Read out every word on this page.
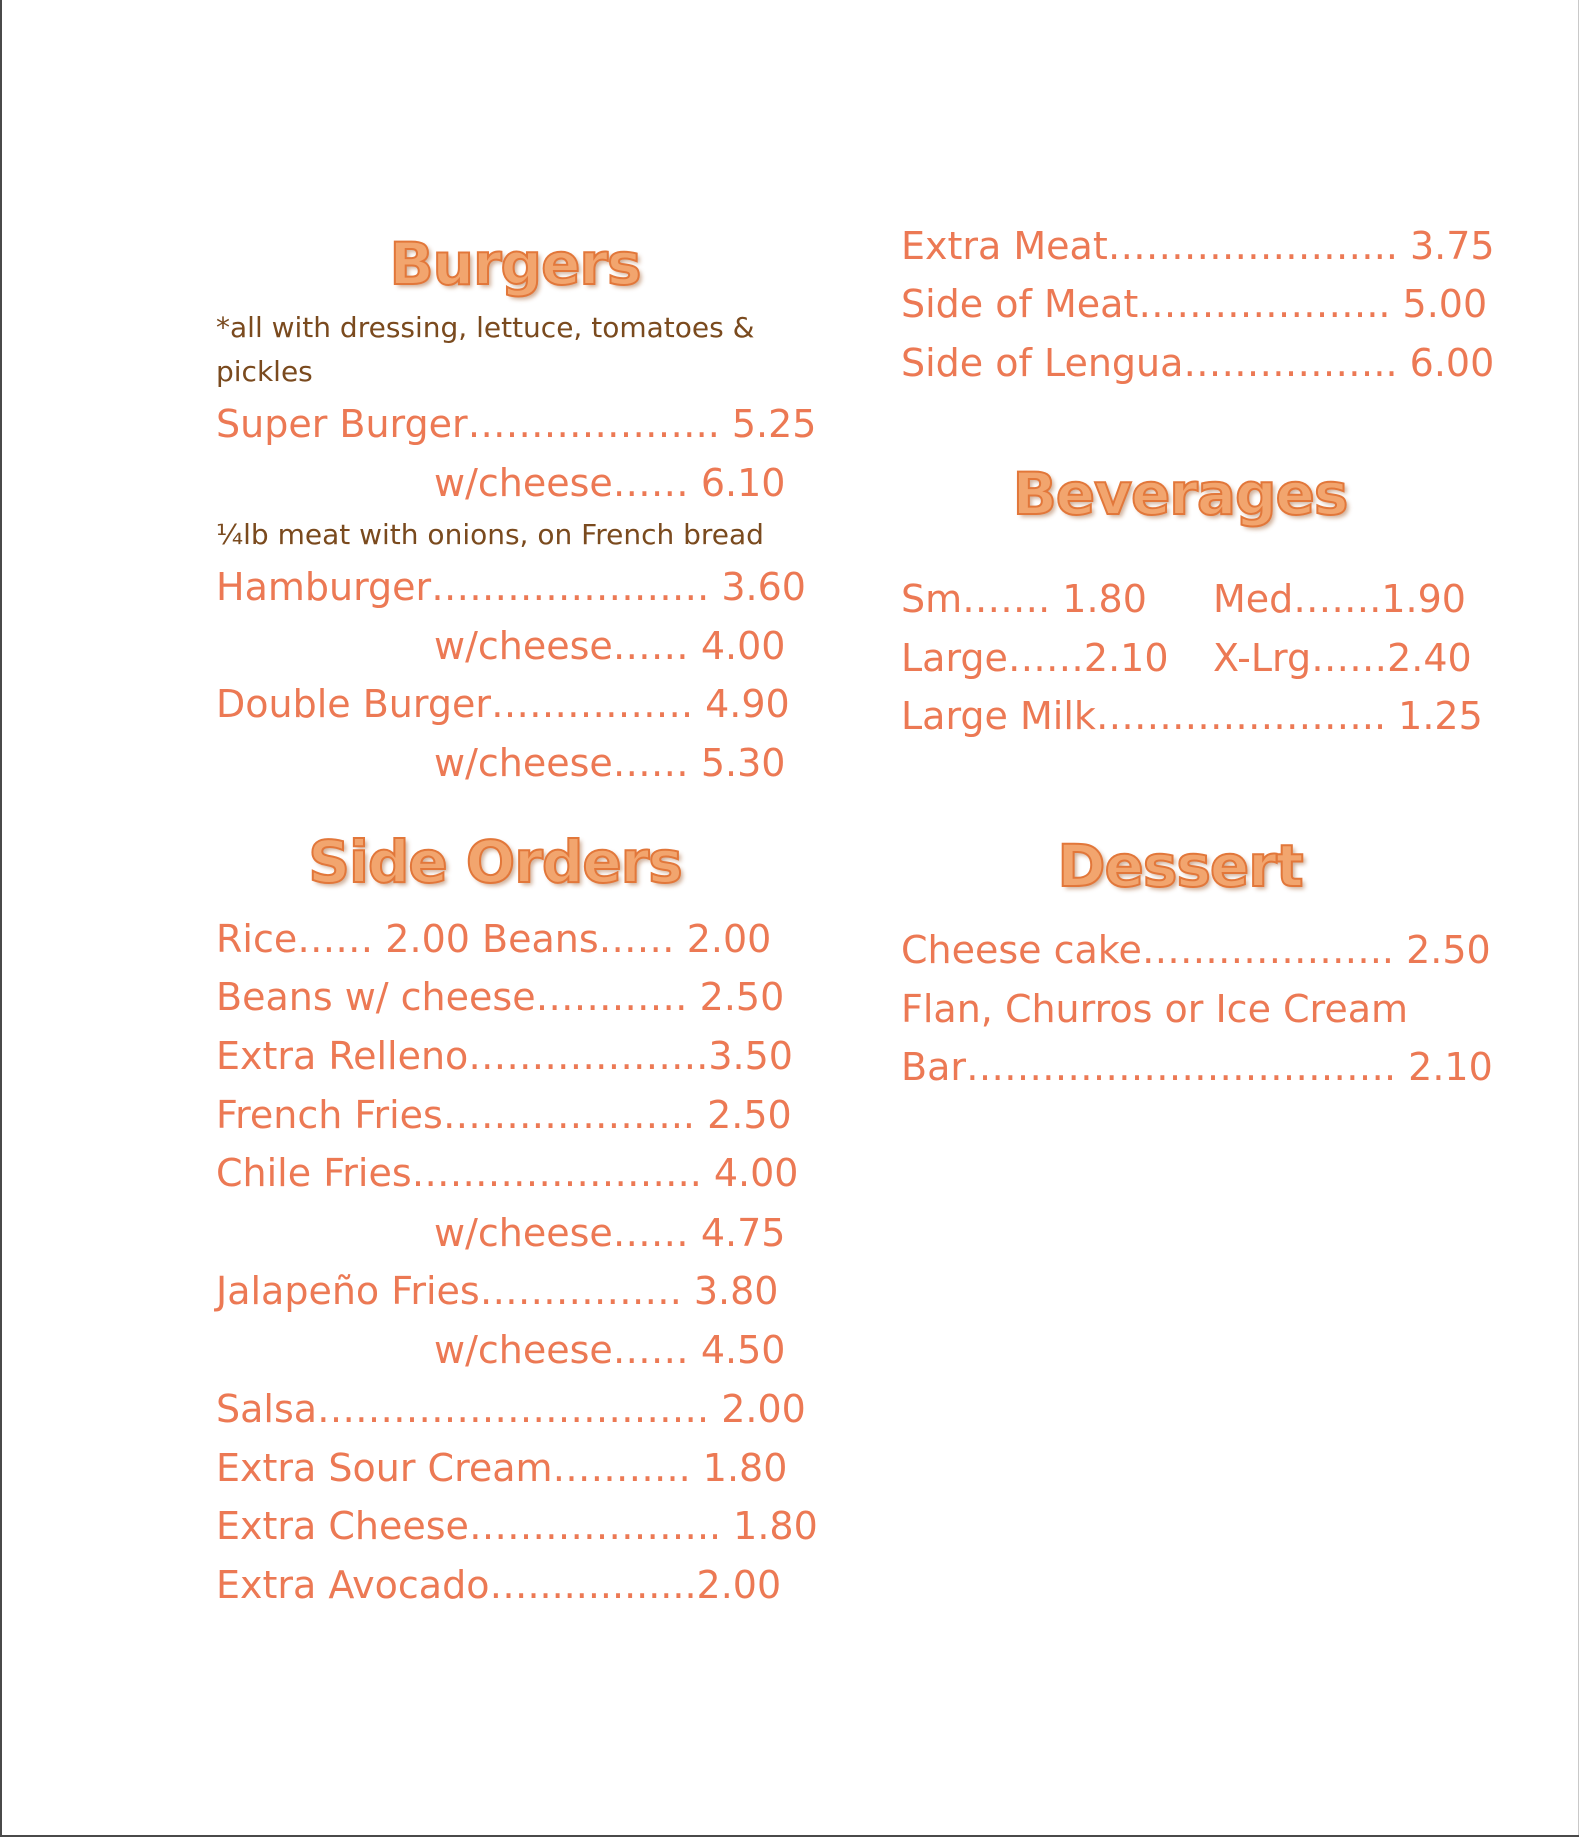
Burgers
*all with dressing, lettuce, tomatoes &
pickles
Super Burger……………….. 5.25
w/cheese…… 6.10
¼lb meat with onions, on French bread
Hamburger…………………. 3.60
w/cheese…… 4.00
Double Burger……………. 4.90
w/cheese…… 5.30
Side Orders
Rice…… 2.00 Beans…… 2.00
Beans w/ cheese………… 2.50
Extra Relleno……………….3.50
French Fries……………….. 2.50
Chile Fries………………….. 4.00
w/cheese…… 4.75
Jalapeño Fries……………. 3.80
w/cheese…… 4.50
Salsa…………………………. 2.00
Extra Sour Cream……….. 1.80
Extra Cheese……………….. 1.80
Extra Avocado…..............2.00
Extra Meat………………….. 3.75
Side of Meat……………….. 5.00
Side of Lengua…………….. 6.00
Beverages
Sm……. 1.80 Med…….1.90
Large……2.10 X-Lrg……2.40
Large Milk………………….. 1.25
Dessert
Cheese cake……………….. 2.50
Flan, Churros or Ice Cream
Bar……………………………. 2.10
